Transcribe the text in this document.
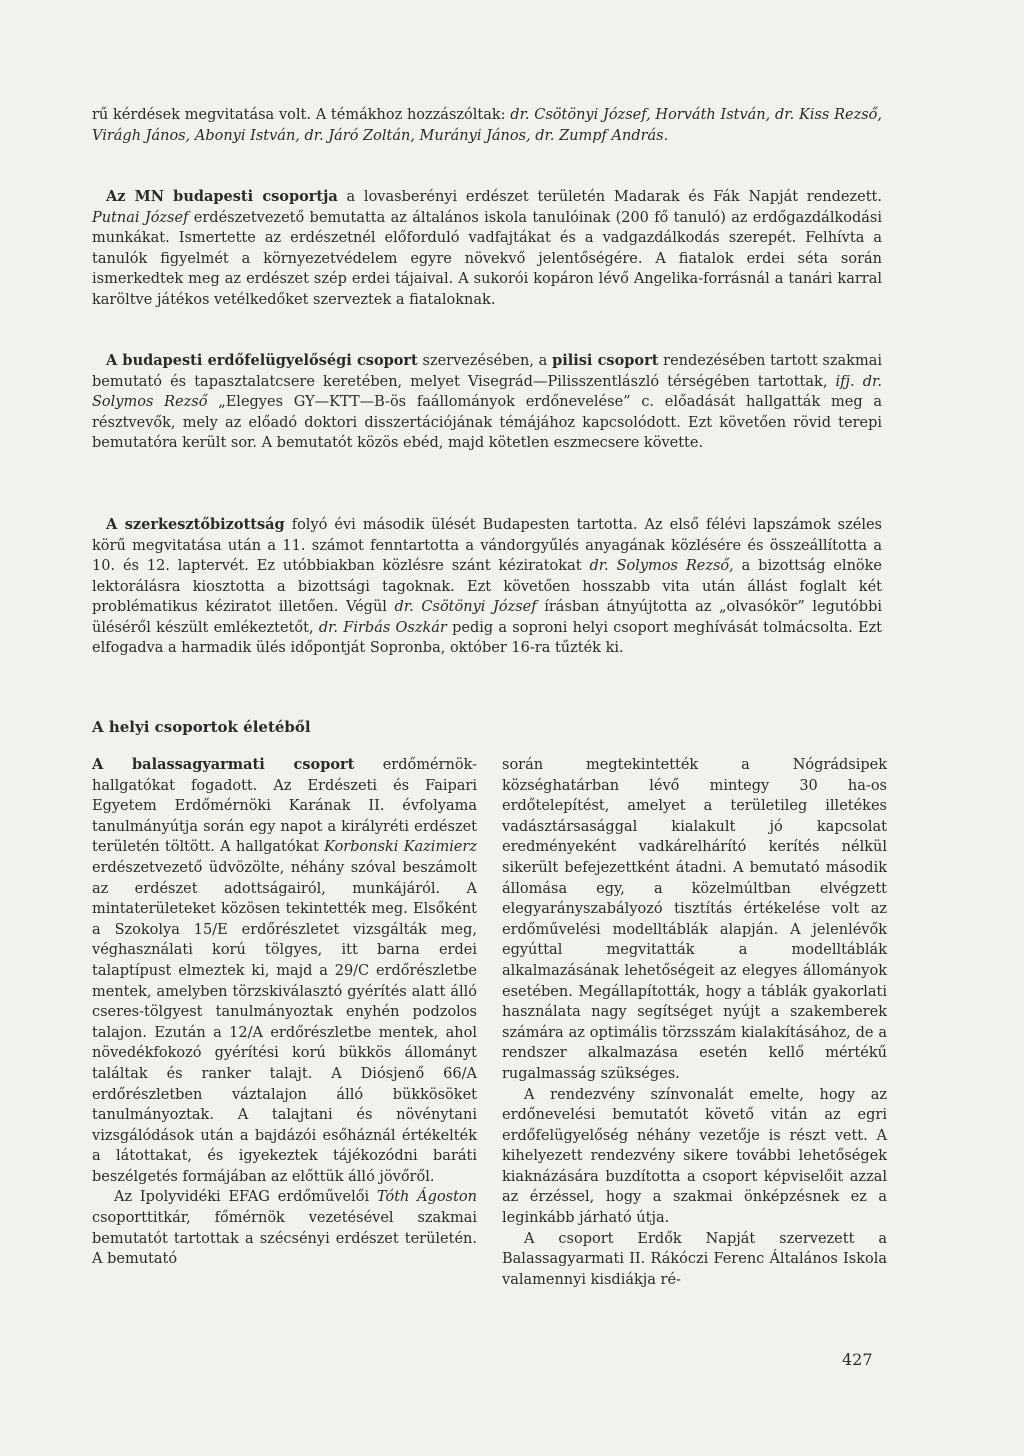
rű kérdések megvitatása volt. A témákhoz hozzászóltak: dr. Csötönyi József, Horváth István, dr. Kiss Rezső, Virágh János, Abonyi István, dr. Járó Zoltán, Murányi János, dr. Zumpf András.

Az MN budapesti csoportja a lovasberényi erdészet területén Madarak és Fák Napját rendezett. Putnai József erdészetvezető bemutatta az általános iskola tanulóinak (200 fő tanuló) az erdőgazdálkodási munkákat. Ismertette az erdészetnél előforduló vadfajtákat és a vadgazdálkodás szerepét. Felhívta a tanulók figyelmét a környezetvédelem egyre növekvő jelentőségére. A fiatalok erdei séta során ismerkedtek meg az erdészet szép erdei tájaival. A sukorói kopáron lévő Angelika-forrásnál a tanári karral karöltve játékos vetélkedőket szerveztek a fiataloknak.

A budapesti erdőfelügyelőségi csoport szervezésében, a pilisi csoport rendezésében tartott szakmai bemutató és tapasztalatcsere keretében, melyet Visegrád—Pilisszentlászló térségében tartottak, ifj. dr. Solymos Rezső „Elegyes GY—KTT—B-ös faállományok erdőnevelése” c. előadását hallgatták meg a résztvevők, mely az előadó doktori disszertációjának témájához kapcsolódott. Ezt követően rövid terepi bemutatóra került sor. A bemutatót közös ebéd, majd kötetlen eszmecsere követte.

A szerkesztőbizottság folyó évi második ülését Budapesten tartotta. Az első félévi lapszámok széles körű megvitatása után a 11. számot fenntartotta a vándorgyűlés anyagának közlésére és összeállította a 10. és 12. laptervét. Ez utóbbiakban közlésre szánt kéziratokat dr. Solymos Rezső, a bizottság elnöke lektorálásra kiosztotta a bizottsági tagoknak. Ezt követően hosszabb vita után állást foglalt két problématikus kéziratot illetően. Végül dr. Csötönyi József írásban átnyújtotta az „olvasókör” legutóbbi üléséről készült emlékeztetőt, dr. Firbás Oszkár pedig a soproni helyi csoport meghívását tolmácsolta. Ezt elfogadva a harmadik ülés időpontját Sopronba, október 16-ra tűzték ki.

A helyi csoportok életéből

A balassagyarmati csoport erdőmérnök-hallgatókat fogadott. Az Erdészeti és Faipari Egyetem Erdőmérnöki Karának II. évfolyama tanulmányútja során egy napot a királyréti erdészet területén töltött. A hallgatókat Korbonski Kazimierz erdészetvezető üdvözölte, néhány szóval beszámolt az erdészet adottságairól, munkájáról. A mintaterületeket közösen tekintették meg. Elsőként a Szokolya 15/E erdőrészletet vizsgálták meg, véghasználati korú tölgyes, itt barna erdei talaptípust elmeztek ki, majd a 29/C erdőrészletbe mentek, amelyben törzskiválasztó gyérítés alatt álló cseres-tölgyest tanulmányoztak enyhén podzolos talajon. Ezután a 12/A erdőrészletbe mentek, ahol növedékfokozó gyérítési korú bükkös állományt találtak és ranker talajt. A Diósjenő 66/A erdőrészletben váztalajon álló bükkösöket tanulmányoztak. A talajtani és növénytani vizsgálódások után a bajdázói esőháznál értékelték a látottakat, és igyekeztek tájékozódni baráti beszélgetés formájában az előttük álló jövőről.

Az Ipolyvidéki EFAG erdőművelői Tóth Ágoston csoporttitkár, főmérnök vezetésével szakmai bemutatót tartottak a szécsényi erdészet területén. A bemutató

során megtekintették a Nógrádsipek községhatárban lévő mintegy 30 ha-os erdőtelepítést, amelyet a területileg illetékes vadásztársasággal kialakult jó kapcsolat eredményeként vadkárelhárító kerítés nélkül sikerült befejezettként átadni. A bemutató második állomása egy, a közelmúltban elvégzett elegyarányszabályozó tisztítás értékelése volt az erdőművelési modelltáblák alapján. A jelenlévők egyúttal megvitatták a modelltáblák alkalmazásának lehetőségeit az elegyes állományok esetében. Megállapították, hogy a táblák gyakorlati használata nagy segítséget nyújt a szakemberek számára az optimális törzsszám kialakításához, de a rendszer alkalmazása esetén kellő mértékű rugalmasság szükséges.

A rendezvény színvonalát emelte, hogy az erdőnevelési bemutatót követő vitán az egri erdőfelügyelőség néhány vezetője is részt vett. A kihelyezett rendezvény sikere további lehetőségek kiaknázására buzdította a csoport képviselőit azzal az érzéssel, hogy a szakmai önképzésnek ez a leginkább járható útja.

A csoport Erdők Napját szervezett a Balassagyarmati II. Rákóczi Ferenc Általános Iskola valamennyi kisdiákja ré-

427
